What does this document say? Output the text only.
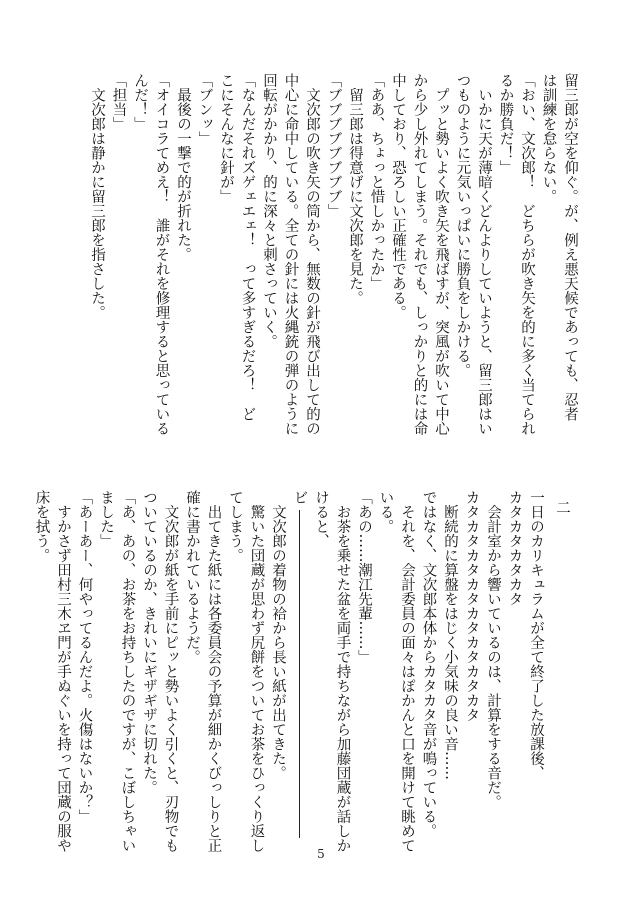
留三郎が空を仰ぐ。が、例え悪天候であっても、忍者
は訓練を怠らない。
「おい、文次郎！　どちらが吹き矢を的に多く当てられ
るか勝負だ！」
　いかに天が薄暗くどんよりしていようと、留三郎はい
つものように元気いっぱいに勝負をしかける。
　プッと勢いよく吹き矢を飛ばすが、突風が吹いて中心
から少し外れてしまう。それでも、しっかりと的には命
中しており、恐ろしい正確性である。
「ああ、ちょっと惜しかったか」
　留三郎は得意げに文次郎を見た。
「ブブブブブブブブ」
　文次郎の吹き矢の筒から、無数の針が飛び出して的の
中心に命中している。全ての針には火縄銃の弾のように
回転がかかり、的に深々と刺さっていく。
「なんだそれズゲェエェ！　って多すぎるだろ！　ど
こにそんなに針が」
「ブンッ」
　最後の一撃で的が折れた。
「オイコラてめえ！　誰がそれを修理すると思っている
んだ！」
「担当」
　文次郎は静かに留三郎を指さした。

二

一日のカリキュラムが全て終了した放課後、
カタカタカタカタ
　会計室から響いているのは、計算をする音だ。
カタカタカタカタカタカタカタカタ
　断続的に算盤をはじく小気味の良い音……
ではなく、文次郎本体からカタカタ音が鳴っている。
　それを、会計委員の面々はぽかんと口を開けて眺めて
いる。
「あの……潮江先輩……」
　お茶を乗せた盆を両手で持ちながら加藤団蔵が話しか
けると、
ビ

　文次郎の着物の袷から長い紙が出てきた。
　驚いた団蔵が思わず尻餅をついてお茶をひっくり返し
てしまう。
　出てきた紙には各委員会の予算が細かくびっしりと正
確に書かれているようだ。
　文次郎が紙を手前にピッと勢いよく引くと、刃物でも
ついているのか、きれいにギザギザに切れた。
「あ、あの、お茶をお持ちしたのですが、こぼしちゃい
ました」
「あーあー、何やってるんだよ。火傷はないか？」
　すかさず田村三木ヱ門が手ぬぐいを持って団蔵の服や
床を拭う。

5
